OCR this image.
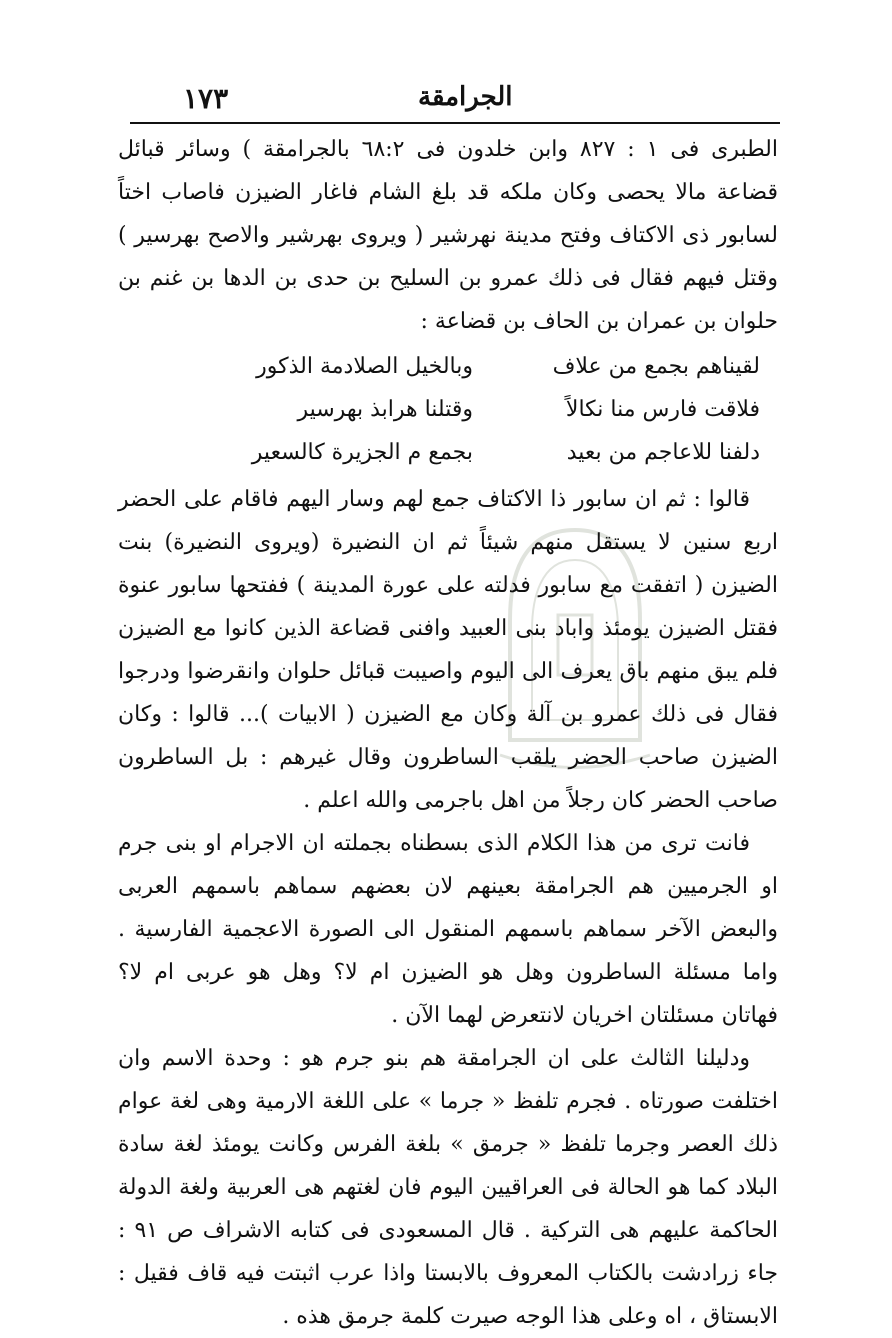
١٧٣	الجرامقة

الطبرى فى ١ : ٨٢٧ وابن خلدون فى ٦٨:٢ بالجرامقة ) وسائر قبائل قضاعة مالا يحصى وكان ملكه قد بلغ الشام فاغار الضيزن فاصاب اختاً لسابور ذى الاكتاف وفتح مدينة نهرشير ( ويروى بهرشير والاصح بهرسير ) وقتل فيهم فقال فى ذلك عمرو بن السليح بن حدى بن الدها بن غنم بن حلوان بن عمران بن الحاف بن قضاعة :

لقيناهم بجمع من علاف
وبالخيل الصلادمة الذكور
فلاقت فارس منا نكالاً
وقتلنا هرابذ بهرسير
دلفنا للاعاجم من بعيد
بجمع م الجزيرة كالسعير

قالوا : ثم ان سابور ذا الاكتاف جمع لهم وسار اليهم فاقام على الحضر اربع سنين لا يستقل منهم شيئاً ثم ان النضيرة (ويروى النضيرة) بنت الضيزن ( اتفقت مع سابور فدلته على عورة المدينة ) ففتحها سابور عنوة فقتل الضيزن يومئذ واباد بنى العبيد وافنى قضاعة الذين كانوا مع الضيزن فلم يبق منهم باق يعرف الى اليوم واصيبت قبائل حلوان وانقرضوا ودرجوا فقال فى ذلك عمرو بن آلة وكان مع الضيزن ( الابيات )... قالوا : وكان الضيزن صاحب الحضر يلقب الساطرون وقال غيرهم : بل الساطرون صاحب الحضر كان رجلاً من اهل باجرمى والله اعلم .

فانت ترى من هذا الكلام الذى بسطناه بجملته ان الاجرام او بنى جرم او الجرميين هم الجرامقة بعينهم لان بعضهم سماهم باسمهم العربى والبعض الآخر سماهم باسمهم المنقول الى الصورة الاعجمية الفارسية . واما مسئلة الساطرون وهل هو الضيزن ام لا؟ وهل هو عربى ام لا؟ فهاتان مسئلتان اخريان لانتعرض لهما الآن .

ودليلنا الثالث على ان الجرامقة هم بنو جرم هو : وحدة الاسم وان اختلفت صورتاه . فجرم تلفظ « جرما » على اللغة الارمية وهى لغة عوام ذلك العصر وجرما تلفظ « جرمق » بلغة الفرس وكانت يومئذ لغة سادة البلاد كما هو الحالة فى العراقيين اليوم فان لغتهم هى العربية ولغة الدولة الحاكمة عليهم هى التركية . قال المسعودى فى كتابه الاشراف ص ٩١ : جاء زرادشت بالكتاب المعروف بالابستا واذا عرب اثبتت فيه قاف فقيل : الابستاق ، اه وعلى هذا الوجه صيرت كلمة جرمق هذه .
